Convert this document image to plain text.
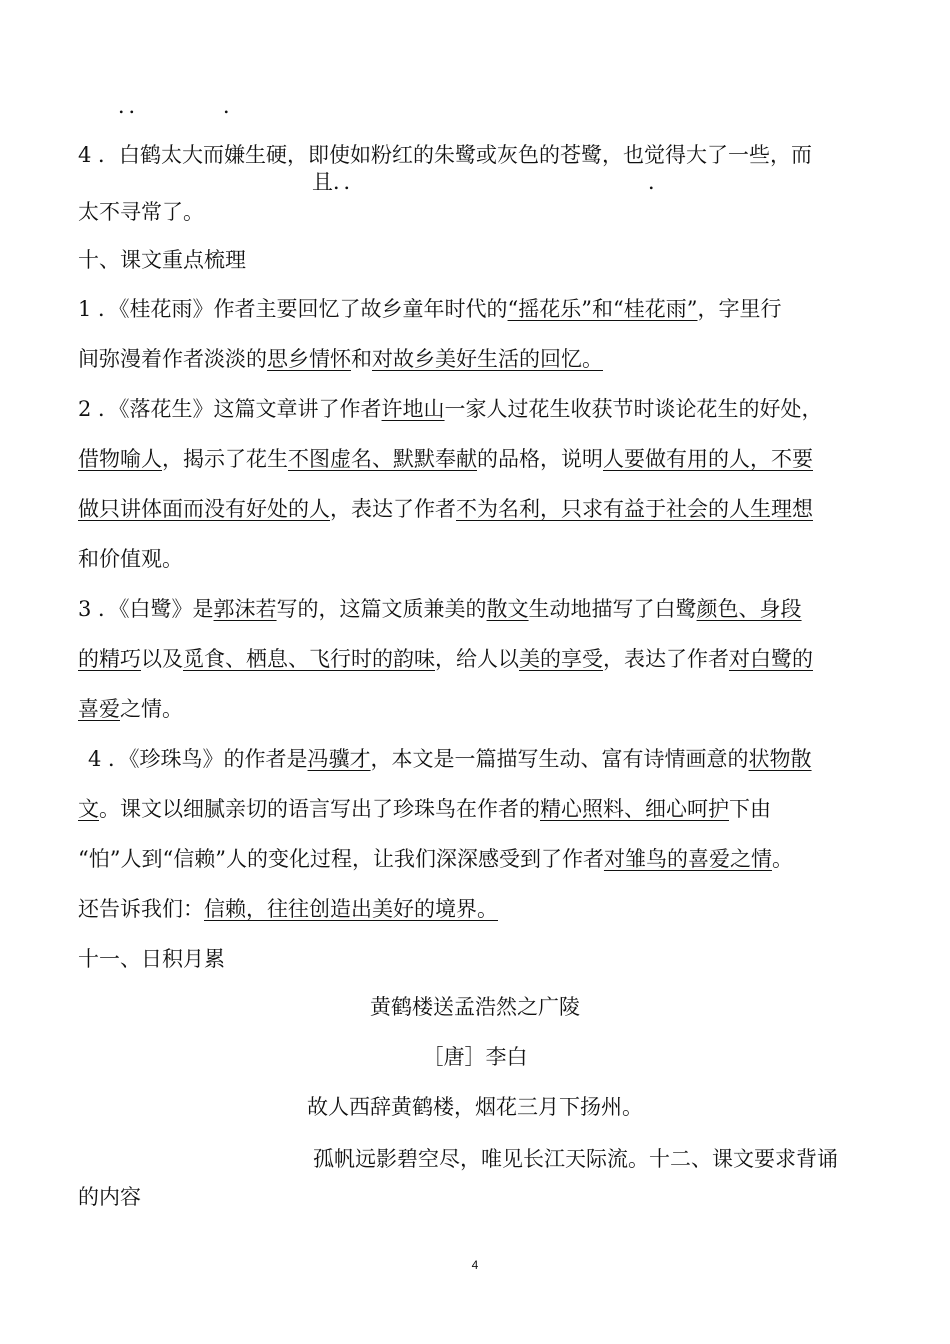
．．　　　　．
4 ．白鹤太大而嫌生硬，即使如粉红的朱鹭或灰色的苍鹭，也觉得大了一些，而
且．．	．
太不寻常了。
十、课文重点梳理
1 ．《桂花雨》作者主要回忆了故乡童年时代的“摇花乐”和“桂花雨”，字里行
间弥漫着作者淡淡的思乡情怀和对故乡美好生活的回忆。
2 ．《落花生》这篇文章讲了作者许地山一家人过花生收获节时谈论花生的好处，
借物喻人，揭示了花生不图虚名、默默奉献的品格，说明人要做有用的人，不要
做只讲体面而没有好处的人，表达了作者不为名利，只求有益于社会的人生理想
和价值观。
3 ．《白鹭》是郭沫若写的，这篇文质兼美的散文生动地描写了白鹭颜色、身段
的精巧以及觅食、栖息、飞行时的韵味，给人以美的享受，表达了作者对白鹭的
喜爱之情。
4 ．《珍珠鸟》的作者是冯骥才，本文是一篇描写生动、富有诗情画意的状物散
文。课文以细腻亲切的语言写出了珍珠鸟在作者的精心照料、细心呵护下由
“怕”人到“信赖”人的变化过程，让我们深深感受到了作者对雏鸟的喜爱之情。
还告诉我们：信赖，往往创造出美好的境界。
十一、日积月累
黄鹤楼送孟浩然之广陵
［唐］李白
故人西辞黄鹤楼，烟花三月下扬州。
孤帆远影碧空尽，唯见长江天际流。十二、课文要求背诵
的内容
4
